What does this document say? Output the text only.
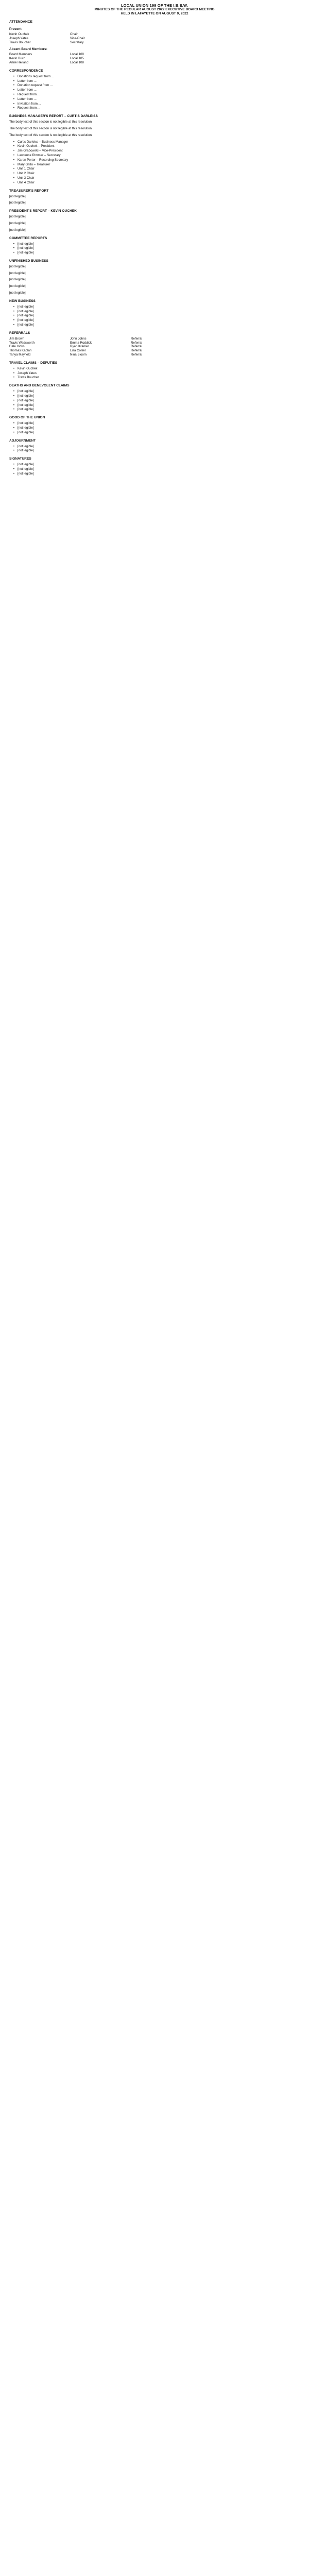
LOCAL UNION 199 OF THE I.B.E.W.
MINUTES OF THE REGULAR AUGUST 2022 EXECUTIVE BOARD MEETING
HELD IN LAFAYETTE ON AUGUST 9, 2022
ATTENDANCE
Present:
Kevin Ouchek
Joseph Yates
Travis Boucher
Chair
Vice-Chair
Secretary
Absent Board Members:
Board Members
Kevin Buch
Anne Heiland
Local 100
Local 105
Local 108
CORRESPONDENCE
• Donations request from ...
• Letter from ...
• Donation request from ...
• Letter from ...
• Request from ...
• Letter from ...
• Invitation from ...
• Request from ...
BUSINESS MANAGER'S REPORT – CURTIS DARLEISS
The body text of this section is not legible at this resolution.
The body text of this section is not legible at this resolution.
The body text of this section is not legible at this resolution.
• Curtis Darleiss – Business Manager
• Kevin Ouchek – President
• Jim Grabowski – Vice-President
• Lawrence Rimmer – Secretary
• Karen Porter – Recording Secretary
• Mary Grillo – Treasurer
• Unit 1 Chair
• Unit 2 Chair
• Unit 3 Chair
• Unit 4 Chair
TREASURER'S REPORT
[not legible]
[not legible]
PRESIDENT'S REPORT – KEVIN OUCHEK
[not legible]
[not legible]
[not legible]
COMMITTEE REPORTS
• [not legible]
• [not legible]
• [not legible]
UNFINISHED BUSINESS
[not legible]
[not legible]
[not legible]
[not legible]
[not legible]
NEW BUSINESS
• [not legible]
• [not legible]
• [not legible]
• [not legible]
• [not legible]
REFERRALS
Jim Brown
Travis Wadsworth
Dale Hicks
Thomas Kaplan
Tanya Mayfield
John Johns
Emma Roddick
Ryan Kramer
Lisa Collier
Nina Bloom
Referral
Referral
Referral
Referral
Referral
TRAVEL CLAIMS – DEPUTIES
• Kevin Ouchek
• Joseph Yates
• Travis Boucher
DEATHS AND BENEVOLENT CLAIMS
• [not legible]
• [not legible]
• [not legible]
• [not legible]
• [not legible]
GOOD OF THE UNION
• [not legible]
• [not legible]
• [not legible]
ADJOURNMENT
• [not legible]
• [not legible]
SIGNATURES
• [not legible]
• [not legible]
• [not legible]
